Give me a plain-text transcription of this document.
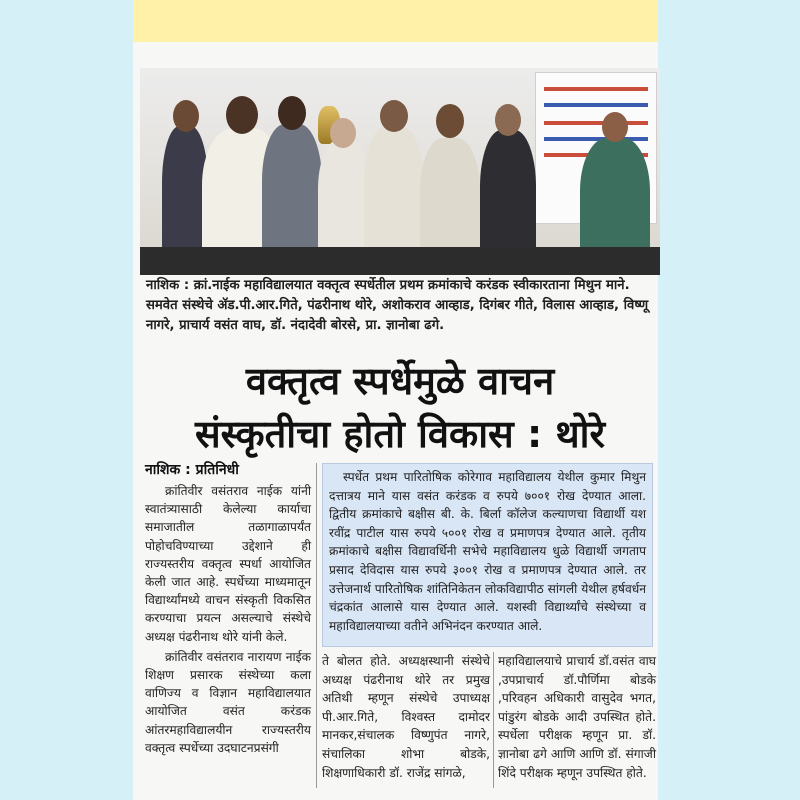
नाशिक : क्रां.नाईक महाविद्यालयात वक्तृत्व स्पर्धेतील प्रथम क्रमांकाचे करंडक स्वीकारताना मिथुन माने. समवेत संस्थेचे ॲड.पी.आर.गिते, पंढरीनाथ थोरे, अशोकराव आव्हाड, दिगंबर गीते, विलास आव्हाड, विष्णू नागरे, प्राचार्य वसंत वाघ, डॉ. नंदादेवी बोरसे, प्रा. ज्ञानोबा ढगे.

वक्तृत्व स्पर्धेमुळे वाचन
संस्कृतीचा होतो विकास : थोरे
नाशिक : प्रतिनिधी

क्रांतिवीर वसंतराव नाईक यांनी स्वातंत्र्यासाठी केलेल्या कार्याचा समाजातील तळागाळापर्यंत पोहोचविण्याच्या उद्देशाने ही राज्यस्तरीय वक्तृत्व स्पर्धा आयोजित केली जात आहे. स्पर्धेच्या माध्यमातून विद्यार्थ्यांमध्ये वाचन संस्कृती विकसित करण्याचा प्रयत्न असल्याचे संस्थेचे अध्यक्ष पंढरीनाथ थोरे यांनी केले.

क्रांतिवीर वसंतराव नारायण नाईक शिक्षण प्रसारक संस्थेच्या कला वाणिज्य व विज्ञान महाविद्यालयात आयोजित वसंत करंडक आंतरमहाविद्यालयीन राज्यस्तरीय वक्तृत्व स्पर्धेच्या उदघाटनप्रसंगी

स्पर्धेत प्रथम पारितोषिक कोरेगाव महाविद्यालय येथील कुमार मिथुन दत्तात्रय माने यास वसंत करंडक व रुपये ७००१ रोख देण्यात आला. द्वितीय क्रमांकाचे बक्षीस बी. के. बिर्ला कॉलेज कल्याणचा विद्यार्थी यश रवींद्र पाटील यास रुपये ५००१ रोख व प्रमाणपत्र देण्यात आले. तृतीय क्रमांकाचे बक्षीस विद्यावर्धिनी सभेचे महाविद्यालय धुळे विद्यार्थी जगताप प्रसाद देविदास यास रुपये ३००१ रोख व प्रमाणपत्र देण्यात आले. तर उत्तेजनार्थ पारितोषिक शांतिनिकेतन लोकविद्यापीठ सांगली येथील हर्षवर्धन चंद्रकांत आलासे यास देण्यात आले. यशस्वी विद्यार्थ्यांचे संस्थेच्या व महाविद्यालयाच्या वतीने अभिनंदन करण्यात आले.

ते बोलत होते. अध्यक्षस्थानी संस्थेचे अध्यक्ष पंढरीनाथ थोरे तर प्रमुख अतिथी म्हणून संस्थेचे उपाध्यक्ष पी.आर.गिते, विश्वस्त दामोदर मानकर,संचालक विष्णुपंत नागरे, संचालिका शोभा बोडके, शिक्षणाधिकारी डॉ. राजेंद्र सांगळे,

महाविद्यालयाचे प्राचार्य डॉ.वसंत वाघ ,उपप्राचार्य डॉ.पौर्णिमा बोडके ,परिवहन अधिकारी वासुदेव भगत, पांडुरंग बोडके आदी उपस्थित होते. स्पर्धेला परीक्षक म्हणून प्रा. डॉ. ज्ञानोबा ढगे आणि आणि डॉ. संगाजी शिंदे परीक्षक म्हणून उपस्थित होते.
